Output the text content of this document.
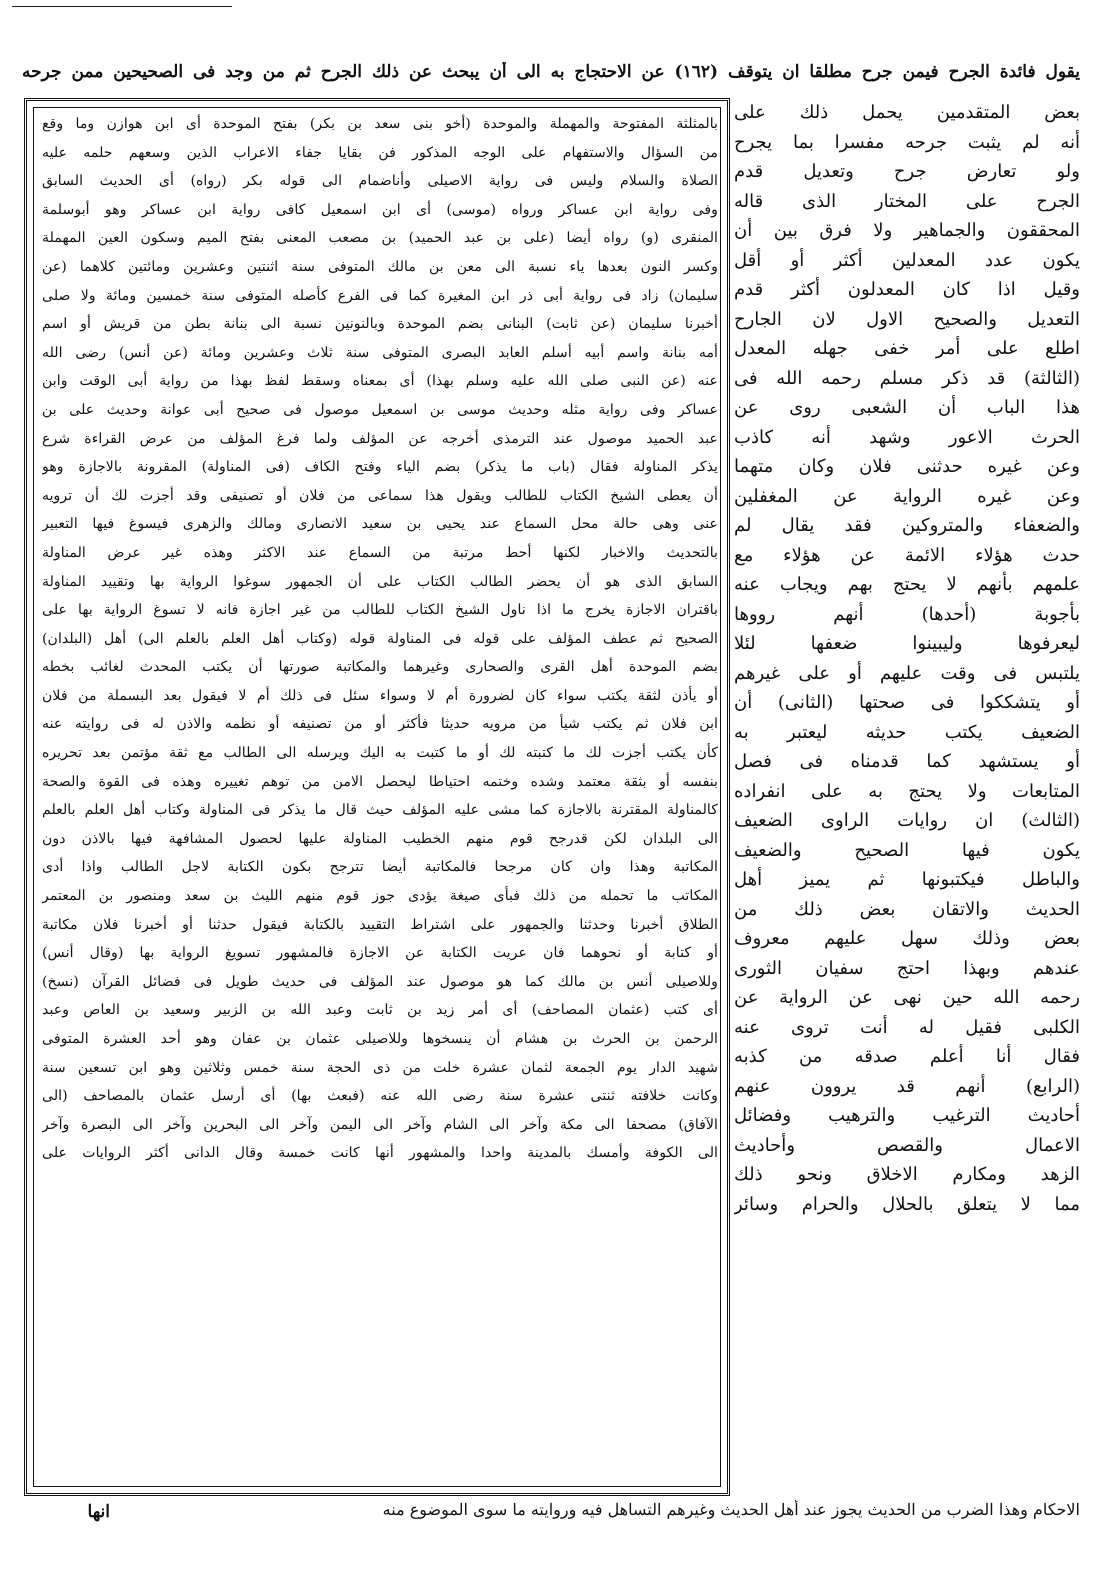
يقول فائدة الجرح فيمن جرح مطلقا ان يتوقف (١٦٢) عن الاحتجاج به الى أن يبحث عن ذلك الجرح ثم من وجد فى الصحيحين ممن جرحه
بالمثلثة المفتوحة والمهملة والموحدة (أخو بنى سعد بن بكر) بفتح الموحدة أى ابن هوازن وما وقع
من السؤال والاستفهام على الوجه المذكور فن بقايا جفاء الاعراب الذين وسعهم حلمه عليه
الصلاة والسلام وليس فى رواية الاصيلى وأناضمام الى قوله بكر (رواه) أى الحديث السابق
وفى رواية ابن عساكر ورواه (موسى) أى ابن اسمعيل كافى رواية ابن عساكر وهو أبوسلمة
المنقرى (و) رواه أيضا (على بن عبد الحميد) بن مصعب المعنى بفتح الميم وسكون العين المهملة
وكسر النون بعدها ياء نسبة الى معن بن مالك المتوفى سنة اثنتين وعشرين ومائتين كلاهما (عن
سليمان) زاد فى رواية أبى ذر ابن المغيرة كما فى الفرع كأصله المتوفى سنة خمسين ومائة ولا صلى
أخبرنا سليمان (عن ثابت) البنانى بضم الموحدة وبالنونين نسبة الى بنانة بطن من قريش أو اسم
أمه بنانة واسم أبيه أسلم العابد البصرى المتوفى سنة ثلاث وعشرين ومائة (عن أنس) رضى الله
عنه (عن النبى صلى الله عليه وسلم بهذا) أى بمعناه وسقط لفظ بهذا من رواية أبى الوقت وابن
عساكر وفى رواية مثله وحديث موسى بن اسمعيل موصول فى صحيح أبى عوانة وحديث على بن
عبد الحميد موصول عند الترمذى أخرجه عن المؤلف ولما فرغ المؤلف من عرض القراءة شرع
يذكر المناولة فقال (باب ما يذكر) بضم الياء وفتح الكاف (فى المناولة) المقرونة بالاجازة وهو
أن يعطى الشيخ الكتاب للطالب ويقول هذا سماعى من فلان أو تصنيفى وقد أجزت لك أن ترويه
عنى وهى حالة محل السماع عند يحيى بن سعيد الانصارى ومالك والزهرى فيسوغ فيها التعبير
بالتحديث والاخبار لكنها أحط مرتبة من السماع عند الاكثر وهذه غير عرض المناولة
السابق الذى هو أن يحضر الطالب الكتاب على أن الجمهور سوغوا الرواية بها وتقييد المناولة
باقتران الاجازة يخرج ما اذا ناول الشيخ الكتاب للطالب من غير اجازة فانه لا تسوغ الرواية بها على
الصحيح ثم عطف المؤلف على قوله فى المناولة قوله (وكتاب أهل العلم بالعلم الى) أهل (البلدان)
بضم الموحدة أهل القرى والصحارى وغيرهما والمكاتبة صورتها أن يكتب المحدث لغائب بخطه
أو يأذن لثقة يكتب سواء كان لضرورة أم لا وسواء سئل فى ذلك أم لا فيقول بعد البسملة من فلان
ابن فلان ثم يكتب شيأ من مرويه حديثا فأكثر أو من تصنيفه أو نظمه والاذن له فى روايته عنه
كأن يكتب أجزت لك ما كتبته لك أو ما كتبت به اليك ويرسله الى الطالب مع ثقة مؤتمن بعد تحريره
بنفسه أو بثقة معتمد وشده وختمه احتياطا ليحصل الامن من توهم تغييره وهذه فى القوة والصحة
كالمناولة المقترنة بالاجازة كما مشى عليه المؤلف حيث قال ما يذكر فى المناولة وكتاب أهل العلم بالعلم
الى البلدان لكن قدرجح قوم منهم الخطيب المناولة عليها لحصول المشافهة فيها بالاذن دون
المكاتبة وهذا وان كان مرجحا فالمكاتبة أيضا تترجح بكون الكتابة لاجل الطالب واذا أدى
المكاتب ما تحمله من ذلك فبأى صيغة يؤدى جوز قوم منهم الليث بن سعد ومنصور بن المعتمر
الطلاق أخبرنا وحدثنا والجمهور على اشتراط التقييد بالكتابة فيقول حدثنا أو أخبرنا فلان مكاتبة
أو كتابة أو نحوهما فان عريت الكتابة عن الاجازة فالمشهور تسويغ الرواية بها (وقال أنس)
وللاصيلى أنس بن مالك كما هو موصول عند المؤلف فى حديث طويل فى فضائل القرآن (نسخ)
أى كتب (عثمان المصاحف) أى أمر زيد بن ثابت وعبد الله بن الزبير وسعيد بن العاص وعبد
الرحمن بن الحرث بن هشام أن ينسخوها وللاصيلى عثمان بن عفان وهو أحد العشرة المتوفى
شهيد الدار يوم الجمعة لثمان عشرة خلت من ذى الحجة سنة خمس وثلاثين وهو ابن تسعين سنة
وكانت خلافته ثنتى عشرة سنة رضى الله عنه (فبعث بها) أى أرسل عثمان بالمصاحف (الى
الآفاق) مصحفا الى مكة وآخر الى الشام وآخر الى اليمن وآخر الى البحرين وآخر الى البصرة وآخر
الى الكوفة وأمسك بالمدينة واحدا والمشهور أنها كانت خمسة وقال الدانى أكثر الروايات على
بعض المتقدمين يحمل ذلك على
أنه لم يثبت جرحه مفسرا بما يجرح
ولو تعارض جرح وتعديل قدم
الجرح على المختار الذى قاله
المحققون والجماهير ولا فرق بين أن
يكون عدد المعدلين أكثر أو أقل
وقيل اذا كان المعدلون أكثر قدم
التعديل والصحيح الاول لان الجارح
اطلع على أمر خفى جهله المعدل
(الثالثة) قد ذكر مسلم رحمه الله فى
هذا الباب أن الشعبى روى عن
الحرث الاعور وشهد أنه كاذب
وعن غيره حدثنى فلان وكان متهما
وعن غيره الرواية عن المغفلين
والضعفاء والمتروكين فقد يقال لم
حدث هؤلاء الائمة عن هؤلاء مع
علمهم بأنهم لا يحتج بهم ويجاب عنه
بأجوبة (أحدها) أنهم رووها
ليعرفوها وليبينوا ضعفها لئلا
يلتبس فى وقت عليهم أو على غيرهم
أو يتشككوا فى صحتها (الثانى) أن
الضعيف يكتب حديثه ليعتبر به
أو يستشهد كما قدمناه فى فصل
المتابعات ولا يحتج به على انفراده
(الثالث) ان روايات الراوى الضعيف
يكون فيها الصحيح والضعيف
والباطل فيكتبونها ثم يميز أهل
الحديث والاتقان بعض ذلك من
بعض وذلك سهل عليهم معروف
عندهم وبهذا احتج سفيان الثورى
رحمه الله حين نهى عن الرواية عن
الكلبى فقيل له أنت تروى عنه
فقال أنا أعلم صدقه من كذبه
(الرابع) أنهم قد يروون عنهم
أحاديث الترغيب والترهيب وفضائل
الاعمال والقصص وأحاديث
الزهد ومكارم الاخلاق ونحو ذلك
مما لا يتعلق بالحلال والحرام وسائر
الاحكام وهذا الضرب من الحديث يجوز عند أهل الحديث وغيرهم التساهل فيه وروايته ما سوى الموضوع منه
انها
